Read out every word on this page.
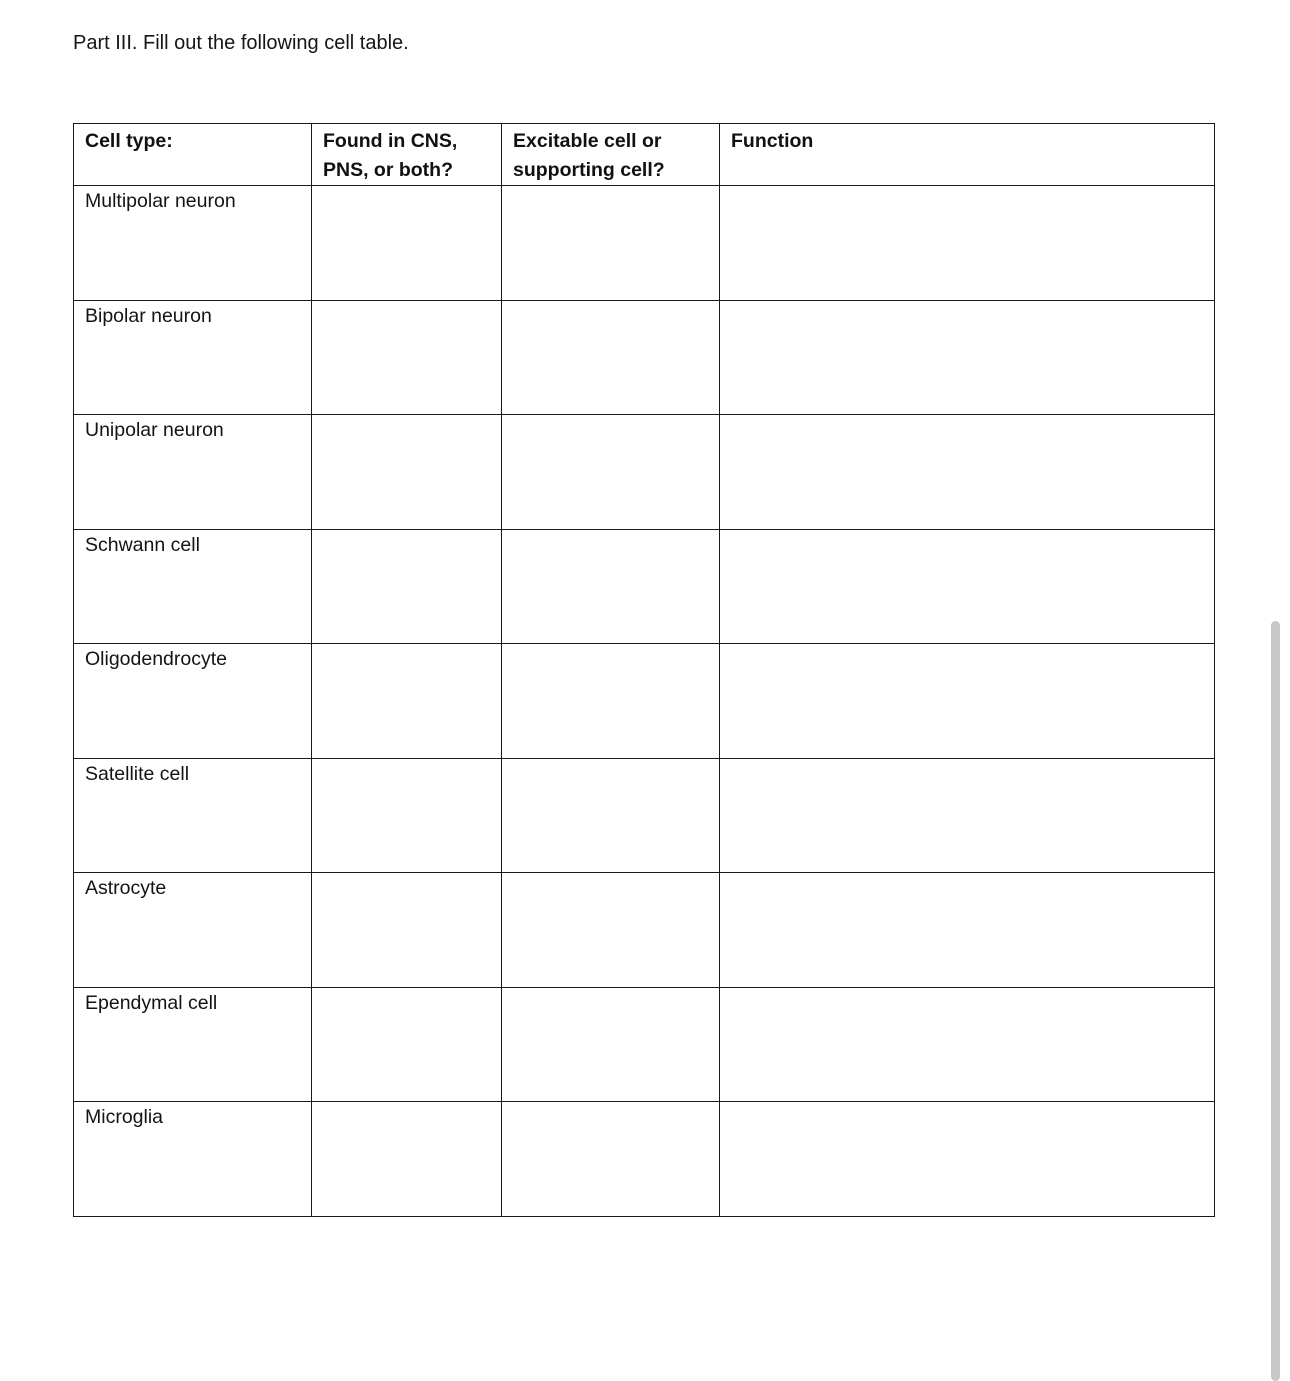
Part III. Fill out the following cell table.
Cell type:	Found in CNS, PNS, or both?	Excitable cell or supporting cell?	Function
Multipolar neuron			
Bipolar neuron			
Unipolar neuron			
Schwann cell			
Oligodendrocyte			
Satellite cell			
Astrocyte			
Ependymal cell			
Microglia			
